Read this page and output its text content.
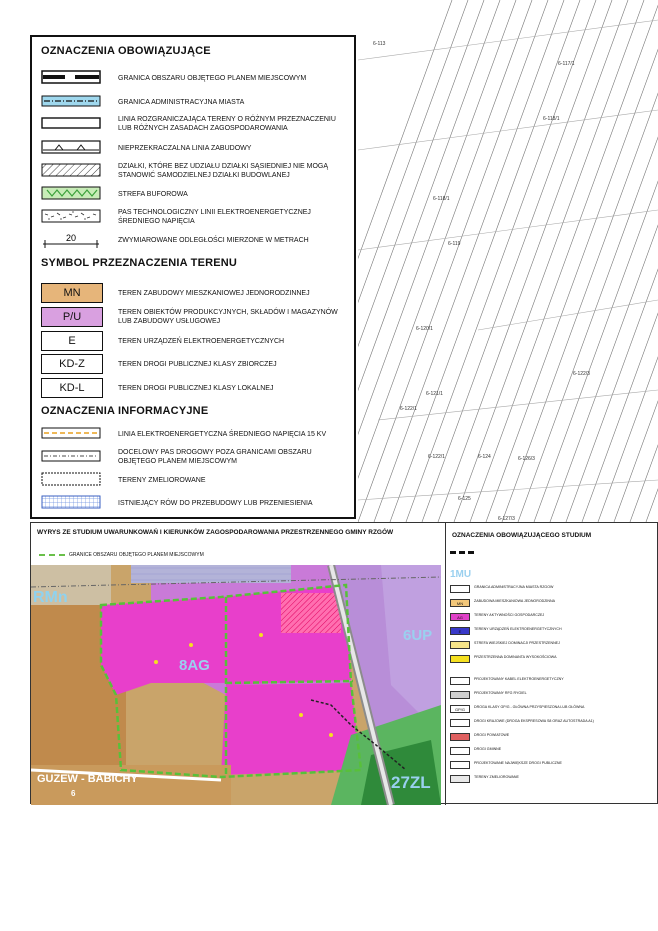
OZNACZENIA OBOWIĄZUJĄCE
GRANICA OBSZARU OBJĘTEGO PLANEM MIEJSCOWYM
GRANICA ADMINISTRACYJNA MIASTA
LINIA ROZGRANICZAJĄCA TERENY O RÓŻNYM PRZEZNACZENIU LUB RÓŻNYCH ZASADACH ZAGOSPODAROWANIA
NIEPRZEKRACZALNA LINIA ZABUDOWY
DZIAŁKI, KTÓRE BEZ UDZIAŁU DZIAŁKI SĄSIEDNIEJ NIE MOGĄ STANOWIĆ SAMODZIELNEJ DZIAŁKI BUDOWLANEJ
STREFA BUFOROWA
PAS TECHNOLOGICZNY LINII ELEKTROENERGETYCZNEJ ŚREDNIEGO NAPIĘCIA
20	ZWYMIAROWANE ODLEGŁOŚCI MIERZONE W METRACH
SYMBOL PRZEZNACZENIA TERENU
MN	TEREN ZABUDOWY MIESZKANIOWEJ JEDNORODZINNEJ
P/U	TEREN OBIEKTÓW PRODUKCYJNYCH, SKŁADÓW I MAGAZYNÓW LUB ZABUDOWY USŁUGOWEJ
E	TEREN URZĄDZEŃ ELEKTROENERGETYCZNYCH
KD-Z	TEREN DROGI PUBLICZNEJ KLASY ZBIORCZEJ
KD-L	TEREN DROGI PUBLICZNEJ KLASY LOKALNEJ
OZNACZENIA INFORMACYJNE
LINIA ELEKTROENERGETYCZNA ŚREDNIEGO NAPIĘCIA 15 KV
DOCELOWY PAS DROGOWY POZA GRANICAMI OBSZARU OBJĘTEGO PLANEM MIEJSCOWYM
TERENY ZMELIOROWANE
ISTNIEJĄCY RÓW DO PRZEBUDOWY LUB PRZENIESIENIA
6-113
6-117/1
6-118/1
6-118/1
6-119
6-120/1
6-121/1
6-122/1
6-122/1	6-124	6-126/3
6-122/3
6-125
6-127/3
WYRYS ZE STUDIUM UWARUNKOWAŃ I KIERUNKÓW ZAGOSPODAROWANIA PRZESTRZENNEGO GMINY RZGÓW
GRANICE OBSZARU OBJĘTEGO PLANEM MIEJSCOWYM
RMn
8AG
6UP
27ZL
GUZEW - BABICHY
6
OZNACZENIA OBOWIĄZUJĄCEGO STUDIUM
1MU
GRANICA ADMINISTRACYJNA MIASTA RZGOW
MN	ZABUDOWA MIESZKANIOWA JEDNORODZINNA
AG	TERENY AKTYWNOŚCI GOSPODARCZEJ
E	TERENY URZĄDZEŃ ELEKTROENERGETYCZNYCH
STREFA WIEJSKIEJ DOMINACJI PRZESTRZENNEJ
PRZESTRZENNA DOMINANTA WYSOKOŚCIOWA
PROJEKTOWANY KABEL ELEKTROENERGETYCZNY
PROJEKTOWANY RFG RYGIEL
GP/G	DROGA KLASY GP/G - GŁÓWNA PRZYSPIESZONA LUB GŁÓWNA
DROGI KRAJOWE (DROGA EKSPRESOWA S8 ORAZ AUTOSTRADA A1)
DROGI POWIATOWE
DROGI GMINNE
PROJEKTOWANE NAJWIĘKSZE DROGI PUBLICZNE
TERENY ZMELIOROWANE
